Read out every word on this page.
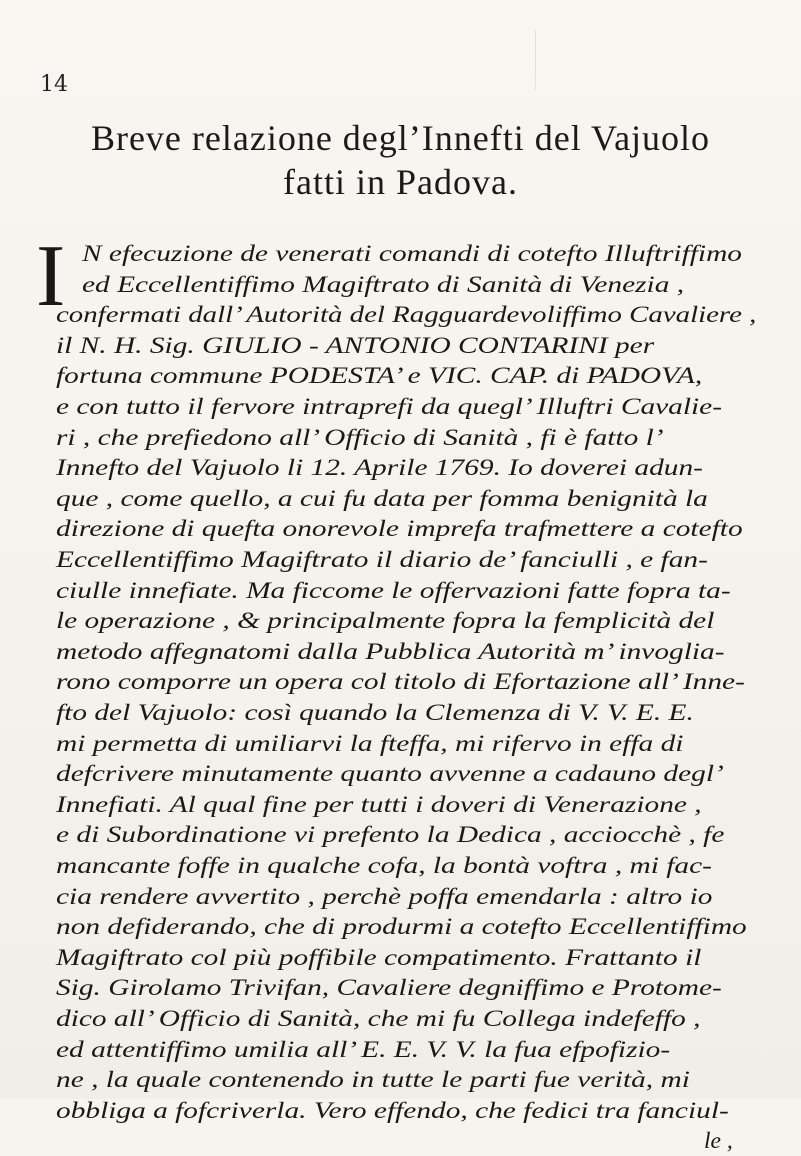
14
Breve relazione degl’Innefti del Vajuolo
fatti in Padova.
I N efecuzione de venerati comandi di cotefto Illuftriffimo
ed Eccellentiffimo Magiftrato di Sanità di Venezia ,
confermati dall’ Autorità del Ragguardevoliffimo Cavaliere ,
il N. H. Sig. GIULIO - ANTONIO CONTARINI per
fortuna commune PODESTA’ e VIC. CAP. di PADOVA,
e con tutto il fervore intraprefi da quegl’ Illuftri Cavalie-
ri , che prefiedono all’ Officio di Sanità , fi è fatto l’
Innefto del Vajuolo li 12. Aprile 1769. Io doverei adun-
que , come quello, a cui fu data per fomma benignità la
direzione di quefta onorevole imprefa trafmettere a cotefto
Eccellentiffimo Magiftrato il diario de’ fanciulli , e fan-
ciulle innefiate. Ma ficcome le offervazioni fatte fopra ta-
le operazione , & principalmente fopra la femplicità del
metodo affegnatomi dalla Pubblica Autorità m’ invoglia-
rono comporre un opera col titolo di Efortazione all’ Inne-
fto del Vajuolo: così quando la Clemenza di V. V. E. E.
mi permetta di umiliarvi la fteffa, mi rifervo in effa di
defcrivere minutamente quanto avvenne a cadauno degl’
Innefiati. Al qual fine per tutti i doveri di Venerazione ,
e di Subordinatione vi prefento la Dedica , acciocchè , fe
mancante foffe in qualche cofa, la bontà voftra , mi fac-
cia rendere avvertito , perchè poffa emendarla : altro io
non defiderando, che di produrmi a cotefto Eccellentiffimo
Magiftrato col più poffibile compatimento. Frattanto il
Sig. Girolamo Trivifan, Cavaliere degniffimo e Protome-
dico all’ Officio di Sanità, che mi fu Collega indefeffo ,
ed attentiffimo umilia all’ E. E. V. V. la fua efpofizio-
ne , la quale contenendo in tutte le parti fue verità, mi
obbliga a fofcriverla. Vero effendo, che fedici tra fanciul-
le ,
